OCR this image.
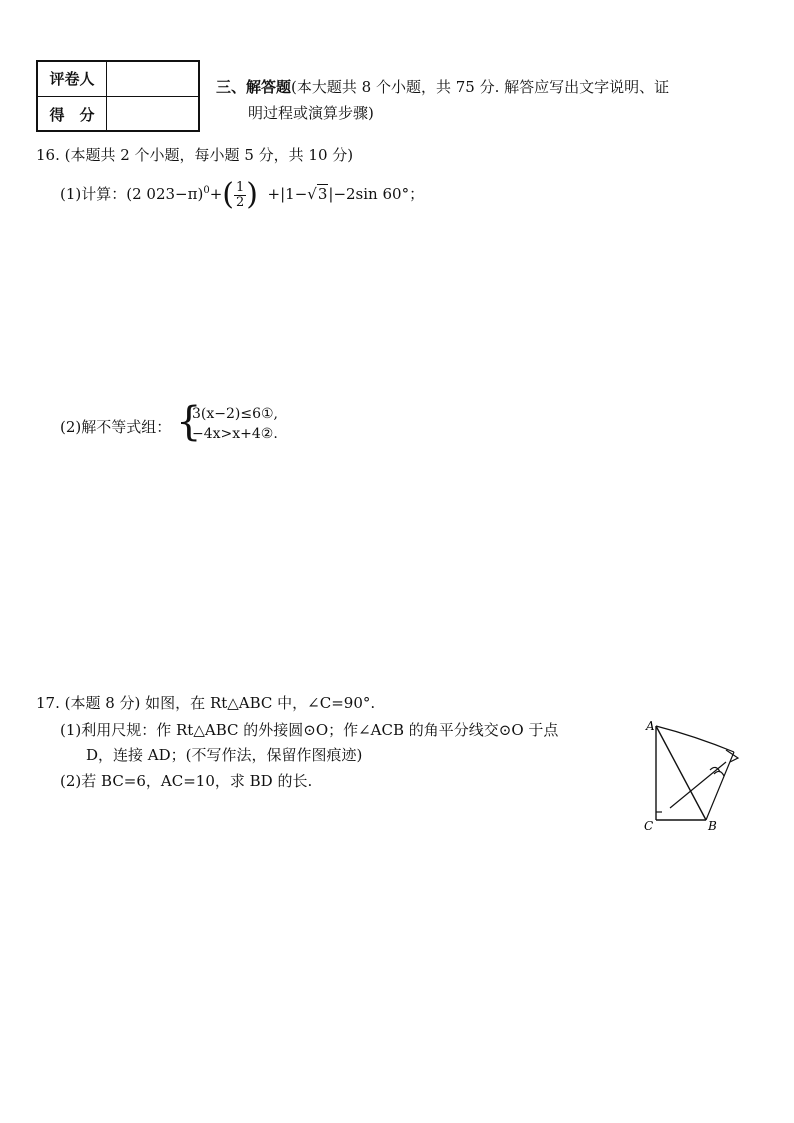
评卷人
得　分
三、解答题(本大题共 8 个小题，共 75 分. 解答应写出文字说明、证
明过程或演算步骤)
16. (本题共 2 个小题，每小题 5 分，共 10 分)
(1)计算：(2 $023-\pi)^0+( \frac{1}{2}$ ) +|1−√3|−2sin 60°；
(2)解不等式组： {
3(x−2)≤6①,
−4x>x+4②.
17. (本题 8 分) 如图，在 Rt△ABC 中，∠C=90°.
(1)利用尺规：作 Rt△ABC 的外接圆⊙O；作∠ACB 的角平分线交⊙O 于点
D，连接 AD；(不写作法，保留作图痕迹)
(2)若 BC=6，AC=10，求 BD 的长.
A
C	B
